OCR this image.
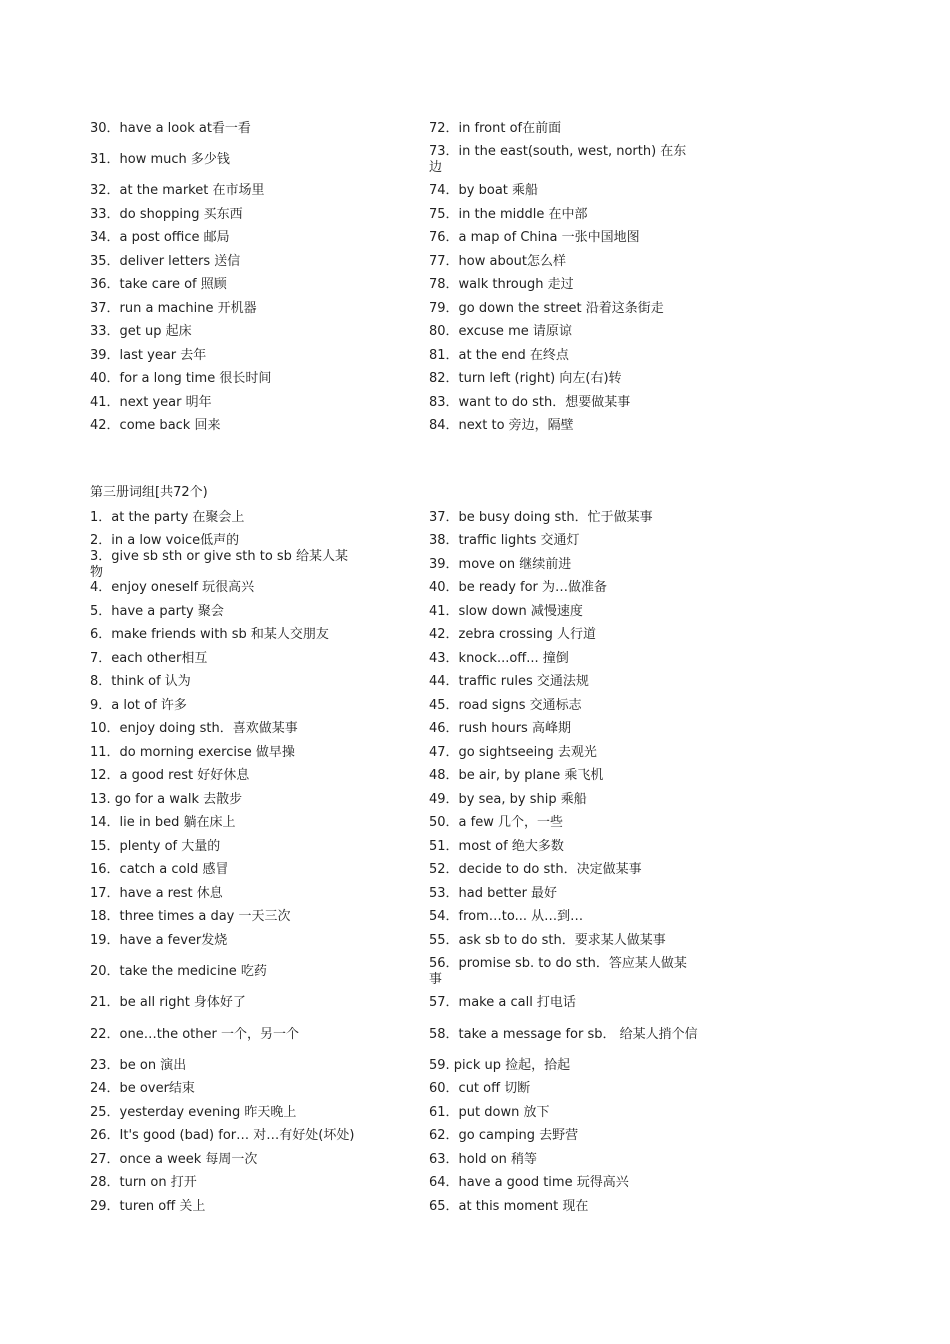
30．have a look at看一看
31．how much 多少钱
32．at the market 在市场里
33．do shopping 买东西
34．a post office 邮局
35．deliver letters 送信
36．take care of 照顾
37．run a machine 开机器
33．get up 起床
39．last year 去年
40．for a long time 很长时间
41．next year 明年
42．come back 回来
72．in front of在前面
73．in the east(south, west, north) 在东边
74．by boat 乘船
75．in the middle 在中部
76．a map of China 一张中国地图
77．how about怎么样
78．walk through 走过
79．go down the street 沿着这条街走
80．excuse me 请原谅
81．at the end 在终点
82．turn left (right) 向左(右)转
83．want to do sth．想要做某事
84．next to 旁边，隔壁
第三册词组[共72个)
1．at the party 在聚会上
2．in a low voice低声的
3．give sb sth or give sth to sb 给某人某物
4．enjoy oneself 玩很高兴
5．have a party 聚会
6．make friends with sb 和某人交朋友
7．each other相互
8．think of 认为
9．a lot of 许多
10．enjoy doing sth．喜欢做某事
11．do morning exercise 做早操
12．a good rest 好好休息
13. go for a walk 去散步
14．lie in bed 躺在床上
15．plenty of 大量的
16．catch a cold 感冒
17．have a rest 休息
18．three times a day 一天三次
19．have a fever发烧
20．take the medicine 吃药
21．be all right 身体好了
22．one…the other 一个，另一个
23．be on 演出
24．be over结束
25．yesterday evening 昨天晚上
26．It's good (bad) for… 对…有好处(坏处)
27．once a week 每周一次
28．turn on 打开
29．turen off 关上
37．be busy doing sth．忙于做某事
38．traffic lights 交通灯
39．move on 继续前进
40．be ready for 为…做准备
41．slow down 减慢速度
42．zebra crossing 人行道
43．knock...off... 撞倒
44．traffic rules 交通法规
45．road signs 交通标志
46．rush hours 高峰期
47．go sightseeing 去观光
48．be air, by plane 乘飞机
49．by sea, by ship 乘船
50．a few 几个，一些
51．most of 绝大多数
52．decide to do sth．决定做某事
53．had better 最好
54．from…to... 从…到…
55．ask sb to do sth．要求某人做某事
56．promise sb. to do sth．答应某人做某事
57．make a call 打电话
58．take a message for sb． 给某人捎个信
59. pick up 捡起，拾起
60．cut off 切断
61．put down 放下
62．go camping 去野营
63．hold on 稍等
64．have a good time 玩得高兴
65．at this moment 现在
